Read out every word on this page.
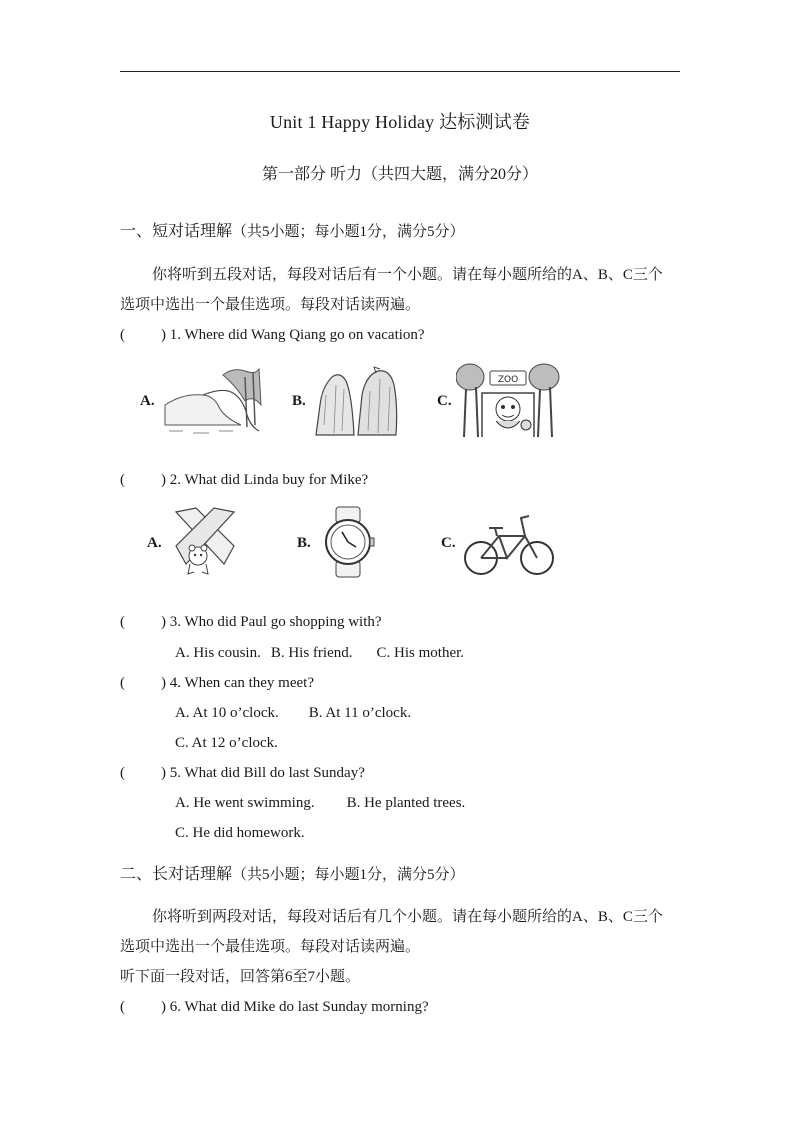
Unit 1 Happy Holiday 达标测试卷
第一部分 听力（共四大题，满分20分）
一、短对话理解（共5小题；每小题1分，满分5分）
你将听到五段对话，每段对话后有一个小题。请在每小题所给的A、B、C三个
选项中选出一个最佳选项。每段对话读两遍。
( ) 1. Where did Wang Qiang go on vacation?
A.	B.	C.
ZOO
( ) 2. What did Linda buy for Mike?
A.	B.	C.
( ) 3. Who did Paul go shopping with?
A. His cousin. B. His friend. C. His mother.
( ) 4. When can they meet?
A. At 10 o’clock. B. At 11 o’clock.
C. At 12 o’clock.
( ) 5. What did Bill do last Sunday?
A. He went swimming. B. He planted trees.
C. He did homework.
二、长对话理解（共5小题；每小题1分，满分5分）
你将听到两段对话，每段对话后有几个小题。请在每小题所给的A、B、C三个
选项中选出一个最佳选项。每段对话读两遍。
听下面一段对话，回答第6至7小题。
( ) 6. What did Mike do last Sunday morning?
